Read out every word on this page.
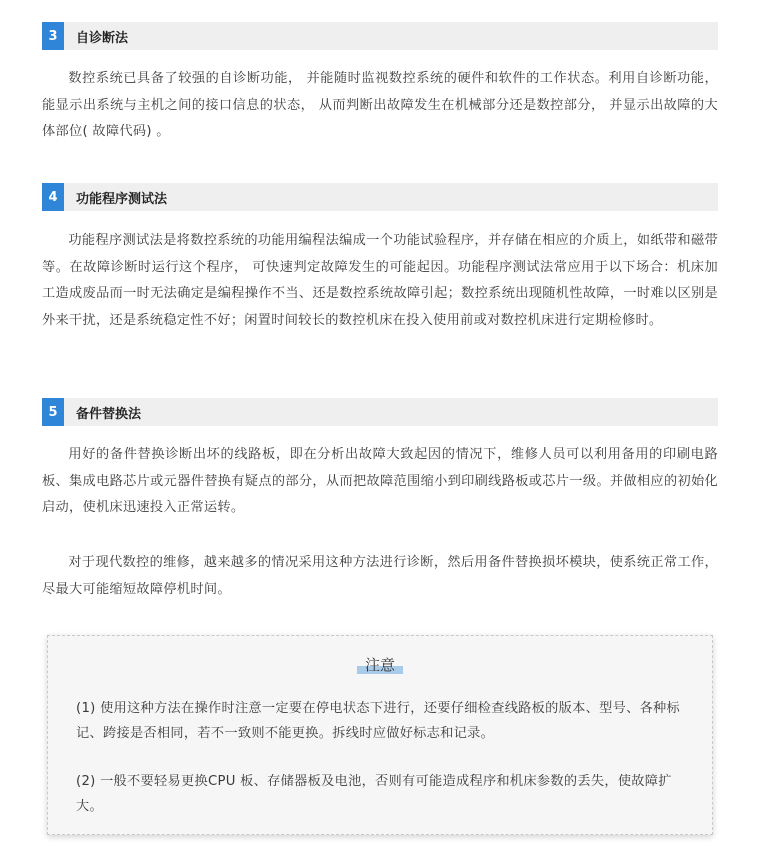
3	自诊断法

数控系统已具备了较强的自诊断功能， 并能随时监视数控系统的硬件和软件的工作状态。利用自诊断功能，能显示出系统与主机之间的接口信息的状态， 从而判断出故障发生在机械部分还是数控部分， 并显示出故障的大体部位( 故障代码) 。

4	功能程序测试法

功能程序测试法是将数控系统的功能用编程法编成一个功能试验程序，并存储在相应的介质上，如纸带和磁带等。在故障诊断时运行这个程序， 可快速判定故障发生的可能起因。功能程序测试法常应用于以下场合：机床加工造成废品而一时无法确定是编程操作不当、还是数控系统故障引起；数控系统出现随机性故障，一时难以区别是外来干扰，还是系统稳定性不好；闲置时间较长的数控机床在投入使用前或对数控机床进行定期检修时。

5	备件替换法

用好的备件替换诊断出坏的线路板，即在分析出故障大致起因的情况下，维修人员可以利用备用的印刷电路板、集成电路芯片或元器件替换有疑点的部分，从而把故障范围缩小到印刷线路板或芯片一级。并做相应的初始化启动，使机床迅速投入正常运转。

对于现代数控的维修，越来越多的情况采用这种方法进行诊断，然后用备件替换损坏模块，使系统正常工作，尽最大可能缩短故障停机时间。

注意

(1) 使用这种方法在操作时注意一定要在停电状态下进行，还要仔细检查线路板的版本、型号、各种标记、跨接是否相同，若不一致则不能更换。拆线时应做好标志和记录。

(2) 一般不要轻易更换CPU 板、存储器板及电池，否则有可能造成程序和机床参数的丢失，使故障扩大。
